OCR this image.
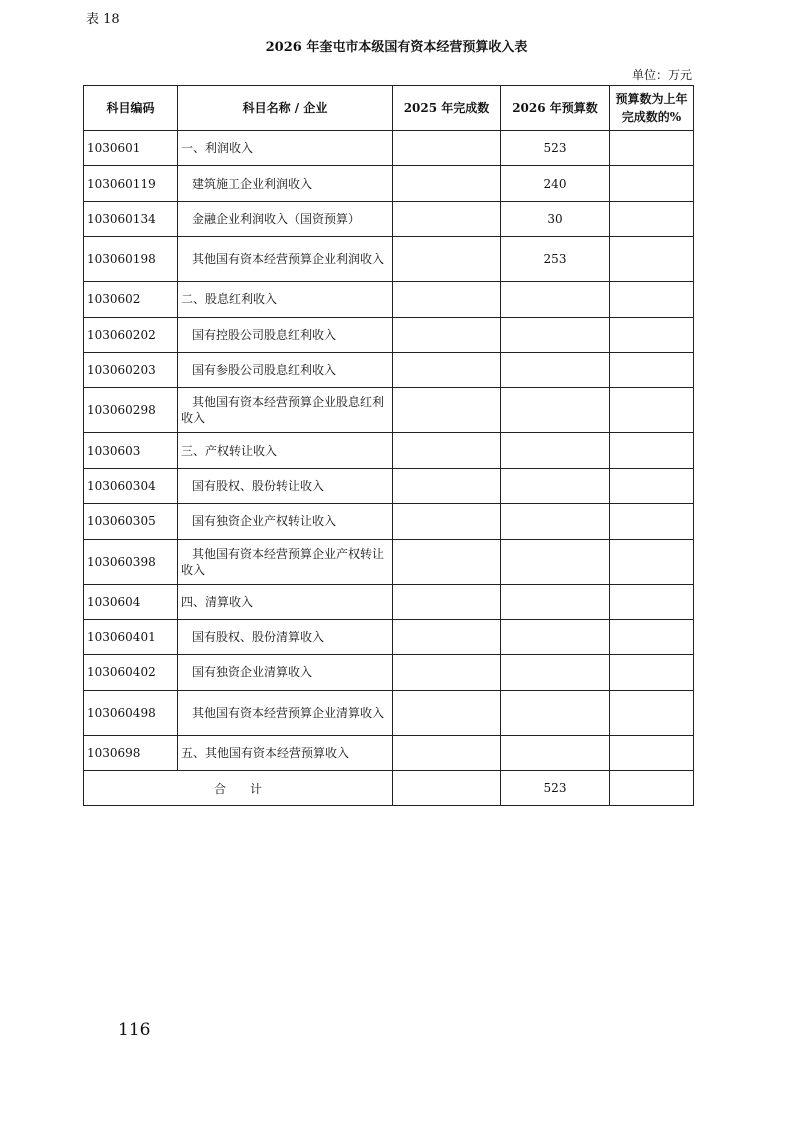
表 18
2026 年奎屯市本级国有资本经营预算收入表
单位：万元
科目编码	科目名称 / 企业	2025 年完成数	2026 年预算数	预算数为上年完成数的%
1030601	一、利润收入		523	
103060119	建筑施工企业利润收入		240	
103060134	金融企业利润收入（国资预算）		30	
103060198	其他国有资本经营预算企业利润收入		253	
1030602	二、股息红利收入			
103060202	国有控股公司股息红利收入			
103060203	国有参股公司股息红利收入			
103060298	其他国有资本经营预算企业股息红利收入			
1030603	三、产权转让收入			
103060304	国有股权、股份转让收入			
103060305	国有独资企业产权转让收入			
103060398	其他国有资本经营预算企业产权转让收入			
1030604	四、清算收入			
103060401	国有股权、股份清算收入			
103060402	国有独资企业清算收入			
103060498	其他国有资本经营预算企业清算收入			
1030698	五、其他国有资本经营预算收入			
合　　计			523	
116
